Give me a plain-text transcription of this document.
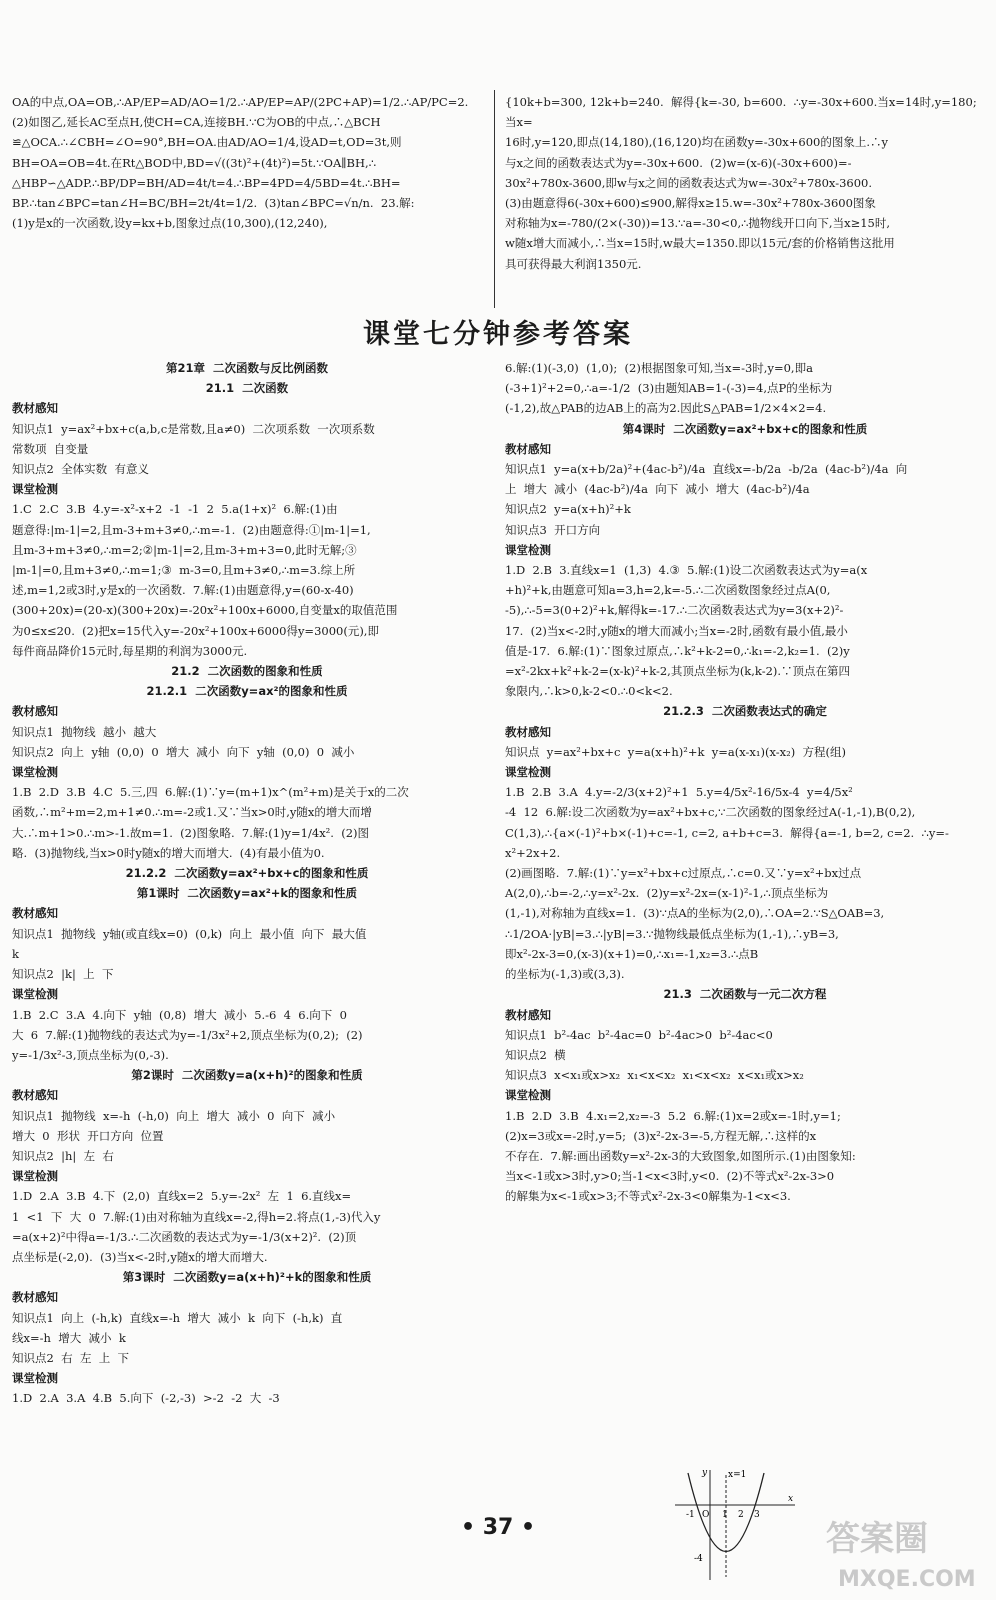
OA的中点,OA=OB,∴AP/EP=AD/AO=1/2.∴AP/EP=AP/(2PC+AP)=1/2.∴AP/PC=2.

(2)如图乙,延长AC至点H,使CH=CA,连接BH.∵C为OB的中点,∴△BCH

≌△OCA.∴∠CBH=∠O=90°,BH=OA.由AD/AO=1/4,设AD=t,OD=3t,则

BH=OA=OB=4t.在Rt△BOD中,BD=√((3t)²+(4t)²)=5t.∵OA∥BH,∴

△HBP∽△ADP.∴BP/DP=BH/AD=4t/t=4.∴BP=4PD=4/5BD=4t.∴BH=

BP.∴tan∠BPC=tan∠H=BC/BH=2t/4t=1/2.  (3)tan∠BPC=√n/n.  23.解:

(1)y是x的一次函数,设y=kx+b,图象过点(10,300),(12,240),

{10k+b=300, 12k+b=240.  解得{k=-30, b=600.  ∴y=-30x+600.当x=14时,y=180;当x=

16时,y=120,即点(14,180),(16,120)均在函数y=-30x+600的图象上.∴y

与x之间的函数表达式为y=-30x+600.  (2)w=(x-6)(-30x+600)=-

30x²+780x-3600,即w与x之间的函数表达式为w=-30x²+780x-3600.

(3)由题意得6(-30x+600)≤900,解得x≥15.w=-30x²+780x-3600图象

对称轴为x=-780/(2×(-30))=13.∵a=-30<0,∴抛物线开口向下,当x≥15时,

w随x增大而减小,∴当x=15时,w最大=1350.即以15元/套的价格销售这批用

具可获得最大利润1350元.

课堂七分钟参考答案

第21章  二次函数与反比例函数

21.1  二次函数

教材感知

知识点1  y=ax²+bx+c(a,b,c是常数,且a≠0)  二次项系数  一次项系数

常数项  自变量

知识点2  全体实数  有意义

课堂检测

1.C  2.C  3.B  4.y=-x²-x+2  -1  -1  2  5.a(1+x)²  6.解:(1)由

题意得:|m-1|=2,且m-3+m+3≠0,∴m=-1.  (2)由题意得:①|m-1|=1,

且m-3+m+3≠0,∴m=2;②|m-1|=2,且m-3+m+3=0,此时无解;③

|m-1|=0,且m+3≠0,∴m=1;③  m-3=0,且m+3≠0,∴m=3.综上所

述,m=1,2或3时,y是x的一次函数.  7.解:(1)由题意得,y=(60-x-40)

(300+20x)=(20-x)(300+20x)=-20x²+100x+6000,自变量x的取值范围

为0≤x≤20.  (2)把x=15代入y=-20x²+100x+6000得y=3000(元),即

每件商品降价15元时,每星期的利润为3000元.

21.2  二次函数的图象和性质

21.2.1  二次函数y=ax²的图象和性质

教材感知

知识点1  抛物线  越小  越大

知识点2  向上  y轴  (0,0)  0  增大  减小  向下  y轴  (0,0)  0  减小

课堂检测

1.B  2.D  3.B  4.C  5.三,四  6.解:(1)∵y=(m+1)x^(m²+m)是关于x的二次

函数,∴m²+m=2,m+1≠0.∴m=-2或1.又∵当x>0时,y随x的增大而增

大.∴m+1>0.∴m>-1.故m=1.  (2)图象略.  7.解:(1)y=1/4x².  (2)图

略.  (3)抛物线,当x>0时y随x的增大而增大.  (4)有最小值为0.

21.2.2  二次函数y=ax²+bx+c的图象和性质

第1课时  二次函数y=ax²+k的图象和性质

教材感知

知识点1  抛物线  y轴(或直线x=0)  (0,k)  向上  最小值  向下  最大值

k

知识点2  |k|  上  下

课堂检测

1.B  2.C  3.A  4.向下  y轴  (0,8)  增大  减小  5.-6  4  6.向下  0

大  6  7.解:(1)抛物线的表达式为y=-1/3x²+2,顶点坐标为(0,2);  (2)

y=-1/3x²-3,顶点坐标为(0,-3).

第2课时  二次函数y=a(x+h)²的图象和性质

教材感知

知识点1  抛物线  x=-h  (-h,0)  向上  增大  减小  0  向下  减小

增大  0  形状  开口方向  位置

知识点2  |h|  左  右

课堂检测

1.D  2.A  3.B  4.下  (2,0)  直线x=2  5.y=-2x²  左  1  6.直线x=

1  <1  下  大  0  7.解:(1)由对称轴为直线x=-2,得h=2.将点(1,-3)代入y

=a(x+2)²中得a=-1/3.∴二次函数的表达式为y=-1/3(x+2)².  (2)顶

点坐标是(-2,0).  (3)当x<-2时,y随x的增大而增大.

第3课时  二次函数y=a(x+h)²+k的图象和性质

教材感知

知识点1  向上  (-h,k)  直线x=-h  增大  减小  k  向下  (-h,k)  直

线x=-h  增大  减小  k

知识点2  右  左  上  下

课堂检测

1.D  2.A  3.A  4.B  5.向下  (-2,-3)  >-2  -2  大  -3

6.解:(1)(-3,0)  (1,0);  (2)根据图象可知,当x=-3时,y=0,即a

(-3+1)²+2=0,∴a=-1/2  (3)由题知AB=1-(-3)=4,点P的坐标为

(-1,2),故△PAB的边AB上的高为2.因此S△PAB=1/2×4×2=4.

第4课时  二次函数y=ax²+bx+c的图象和性质

教材感知

知识点1  y=a(x+b/2a)²+(4ac-b²)/4a  直线x=-b/2a  -b/2a  (4ac-b²)/4a  向

上  增大  减小  (4ac-b²)/4a  向下  减小  增大  (4ac-b²)/4a

知识点2  y=a(x+h)²+k

知识点3  开口方向

课堂检测

1.D  2.B  3.直线x=1  (1,3)  4.③  5.解:(1)设二次函数表达式为y=a(x

+h)²+k,由题意可知a=3,h=2,k=-5.∴二次函数图象经过点A(0,

-5),∴-5=3(0+2)²+k,解得k=-17.∴二次函数表达式为y=3(x+2)²-

17.  (2)当x<-2时,y随x的增大而减小;当x=-2时,函数有最小值,最小

值是-17.  6.解:(1)∵图象过原点,∴k²+k-2=0,∴k₁=-2,k₂=1.  (2)y

=x²-2kx+k²+k-2=(x-k)²+k-2,其顶点坐标为(k,k-2).∵顶点在第四

象限内,∴k>0,k-2<0.∴0<k<2.

21.2.3  二次函数表达式的确定

教材感知

知识点  y=ax²+bx+c  y=a(x+h)²+k  y=a(x-x₁)(x-x₂)  方程(组)

课堂检测

1.B  2.B  3.A  4.y=-2/3(x+2)²+1  5.y=4/5x²-16/5x-4  y=4/5x²

-4  12  6.解:设二次函数为y=ax²+bx+c,∵二次函数的图象经过A(-1,-1),B(0,2),

C(1,3),∴{a×(-1)²+b×(-1)+c=-1, c=2, a+b+c=3.  解得{a=-1, b=2, c=2.  ∴y=-x²+2x+2.

(2)画图略.  7.解:(1)∵y=x²+bx+c过原点,∴c=0.又∵y=x²+bx过点

A(2,0),∴b=-2,∴y=x²-2x.  (2)y=x²-2x=(x-1)²-1,∴顶点坐标为

(1,-1),对称轴为直线x=1.  (3)∵点A的坐标为(2,0),∴OA=2.∵S△OAB=3,

∴1/2OA·|yB|=3.∴|yB|=3.∵抛物线最低点坐标为(1,-1),∴yB=3,

即x²-2x-3=0,(x-3)(x+1)=0,∴x₁=-1,x₂=3.∴点B

的坐标为(-1,3)或(3,3).

21.3  二次函数与一元二次方程

教材感知

知识点1  b²-4ac  b²-4ac=0  b²-4ac>0  b²-4ac<0

知识点2  横

知识点3  x<x₁或x>x₂  x₁<x<x₂  x₁<x<x₂  x<x₁或x>x₂

课堂检测

1.B  2.D  3.B  4.x₁=2,x₂=-3  5.2  6.解:(1)x=2或x=-1时,y=1;

(2)x=3或x=-2时,y=5;  (3)x²-2x-3=-5,方程无解,∴这样的x

不存在.  7.解:画出函数y=x²-2x-3的大致图象,如图所示.(1)由图象知:

当x<-1或x>3时,y>0;当-1<x<3时,y<0.  (2)不等式x²-2x-3>0

的解集为x<-1或x>3;不等式x²-2x-3<0解集为-1<x<3.

x
y x=1
-1 O 1 2 3
-4
• 37 •	答案圈
MXQE.COM
